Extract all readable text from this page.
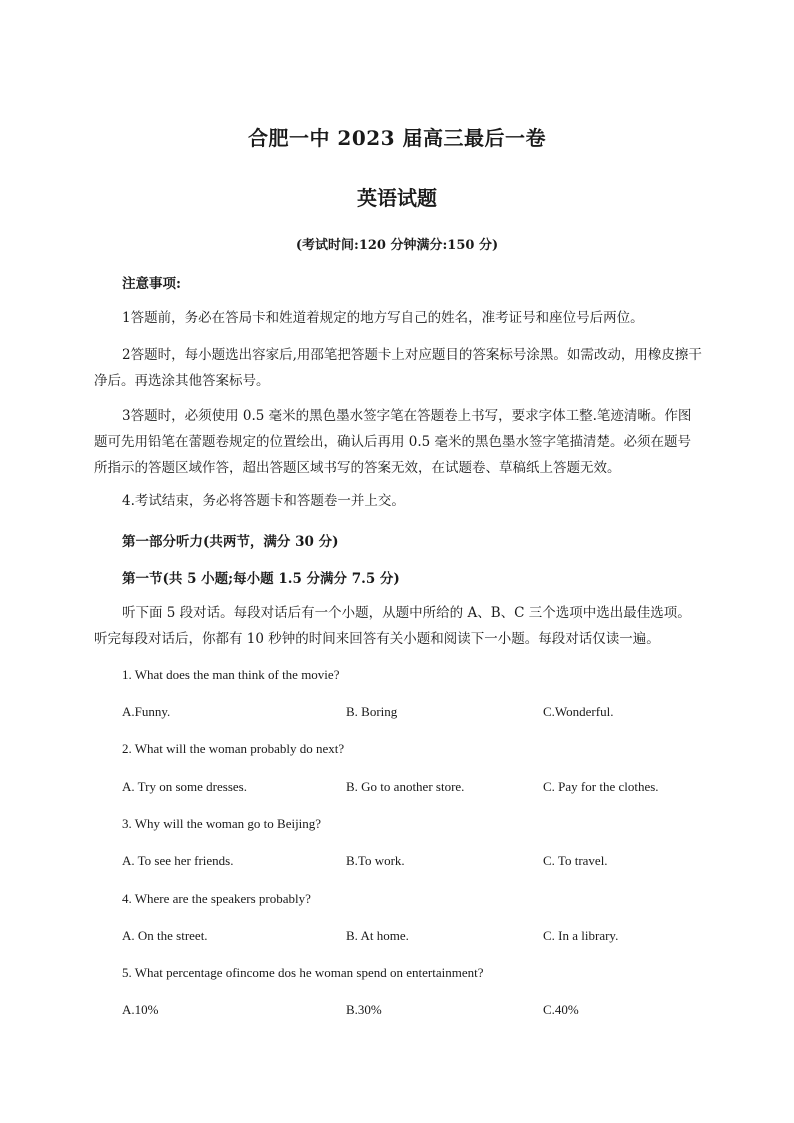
合肥一中 2023 届高三最后一卷
英语试题
(考试时间:120 分钟满分:150 分)
注意事项:
1答题前，务必在答局卡和姓道着规定的地方写自己的姓名，准考证号和座位号后两位。
2答题时，每小题选出容家后,用邵笔把答题卡上对应题目的答案标号涂黑。如需改动，用橡皮擦干净后。再选涂其他答案标号。
3答题时，必须使用 0.5 毫米的黑色墨水签字笔在答题卷上书写，要求字体工整.笔迹清晰。作图题可先用铅笔在蕾题卷规定的位置绘出，确认后再用 0.5 毫米的黑色墨水签字笔描清楚。必须在题号所指示的答题区域作答，超出答题区域书写的答案无效，在试题卷、草稿纸上答题无效。
4.考试结束，务必将答题卡和答题卷一并上交。
第一部分听力(共两节，满分 30 分)
第一节(共 5 小题;每小题 1.5 分满分 7.5 分)
听下面 5 段对话。每段对话后有一个小题，从题中所给的 A、B、C 三个选项中选出最佳选项。听完每段对话后，你都有 10 秒钟的时间来回答有关小题和阅读下一小题。每段对话仅读一遍。
1. What does the man think of the movie?
A.Funny.	B. Boring	C.Wonderful.
2. What will the woman probably do next?
A. Try on some dresses.	B. Go to another store.	C. Pay for the clothes.
3. Why will the woman go to Beijing?
A. To see her friends.	B.To work.	C. To travel.
4. Where are the speakers probably?
A. On the street.	B. At home.	C. In a library.
5. What percentage ofincome dos he woman spend on entertainment?
A.10%	B.30%	C.40%
